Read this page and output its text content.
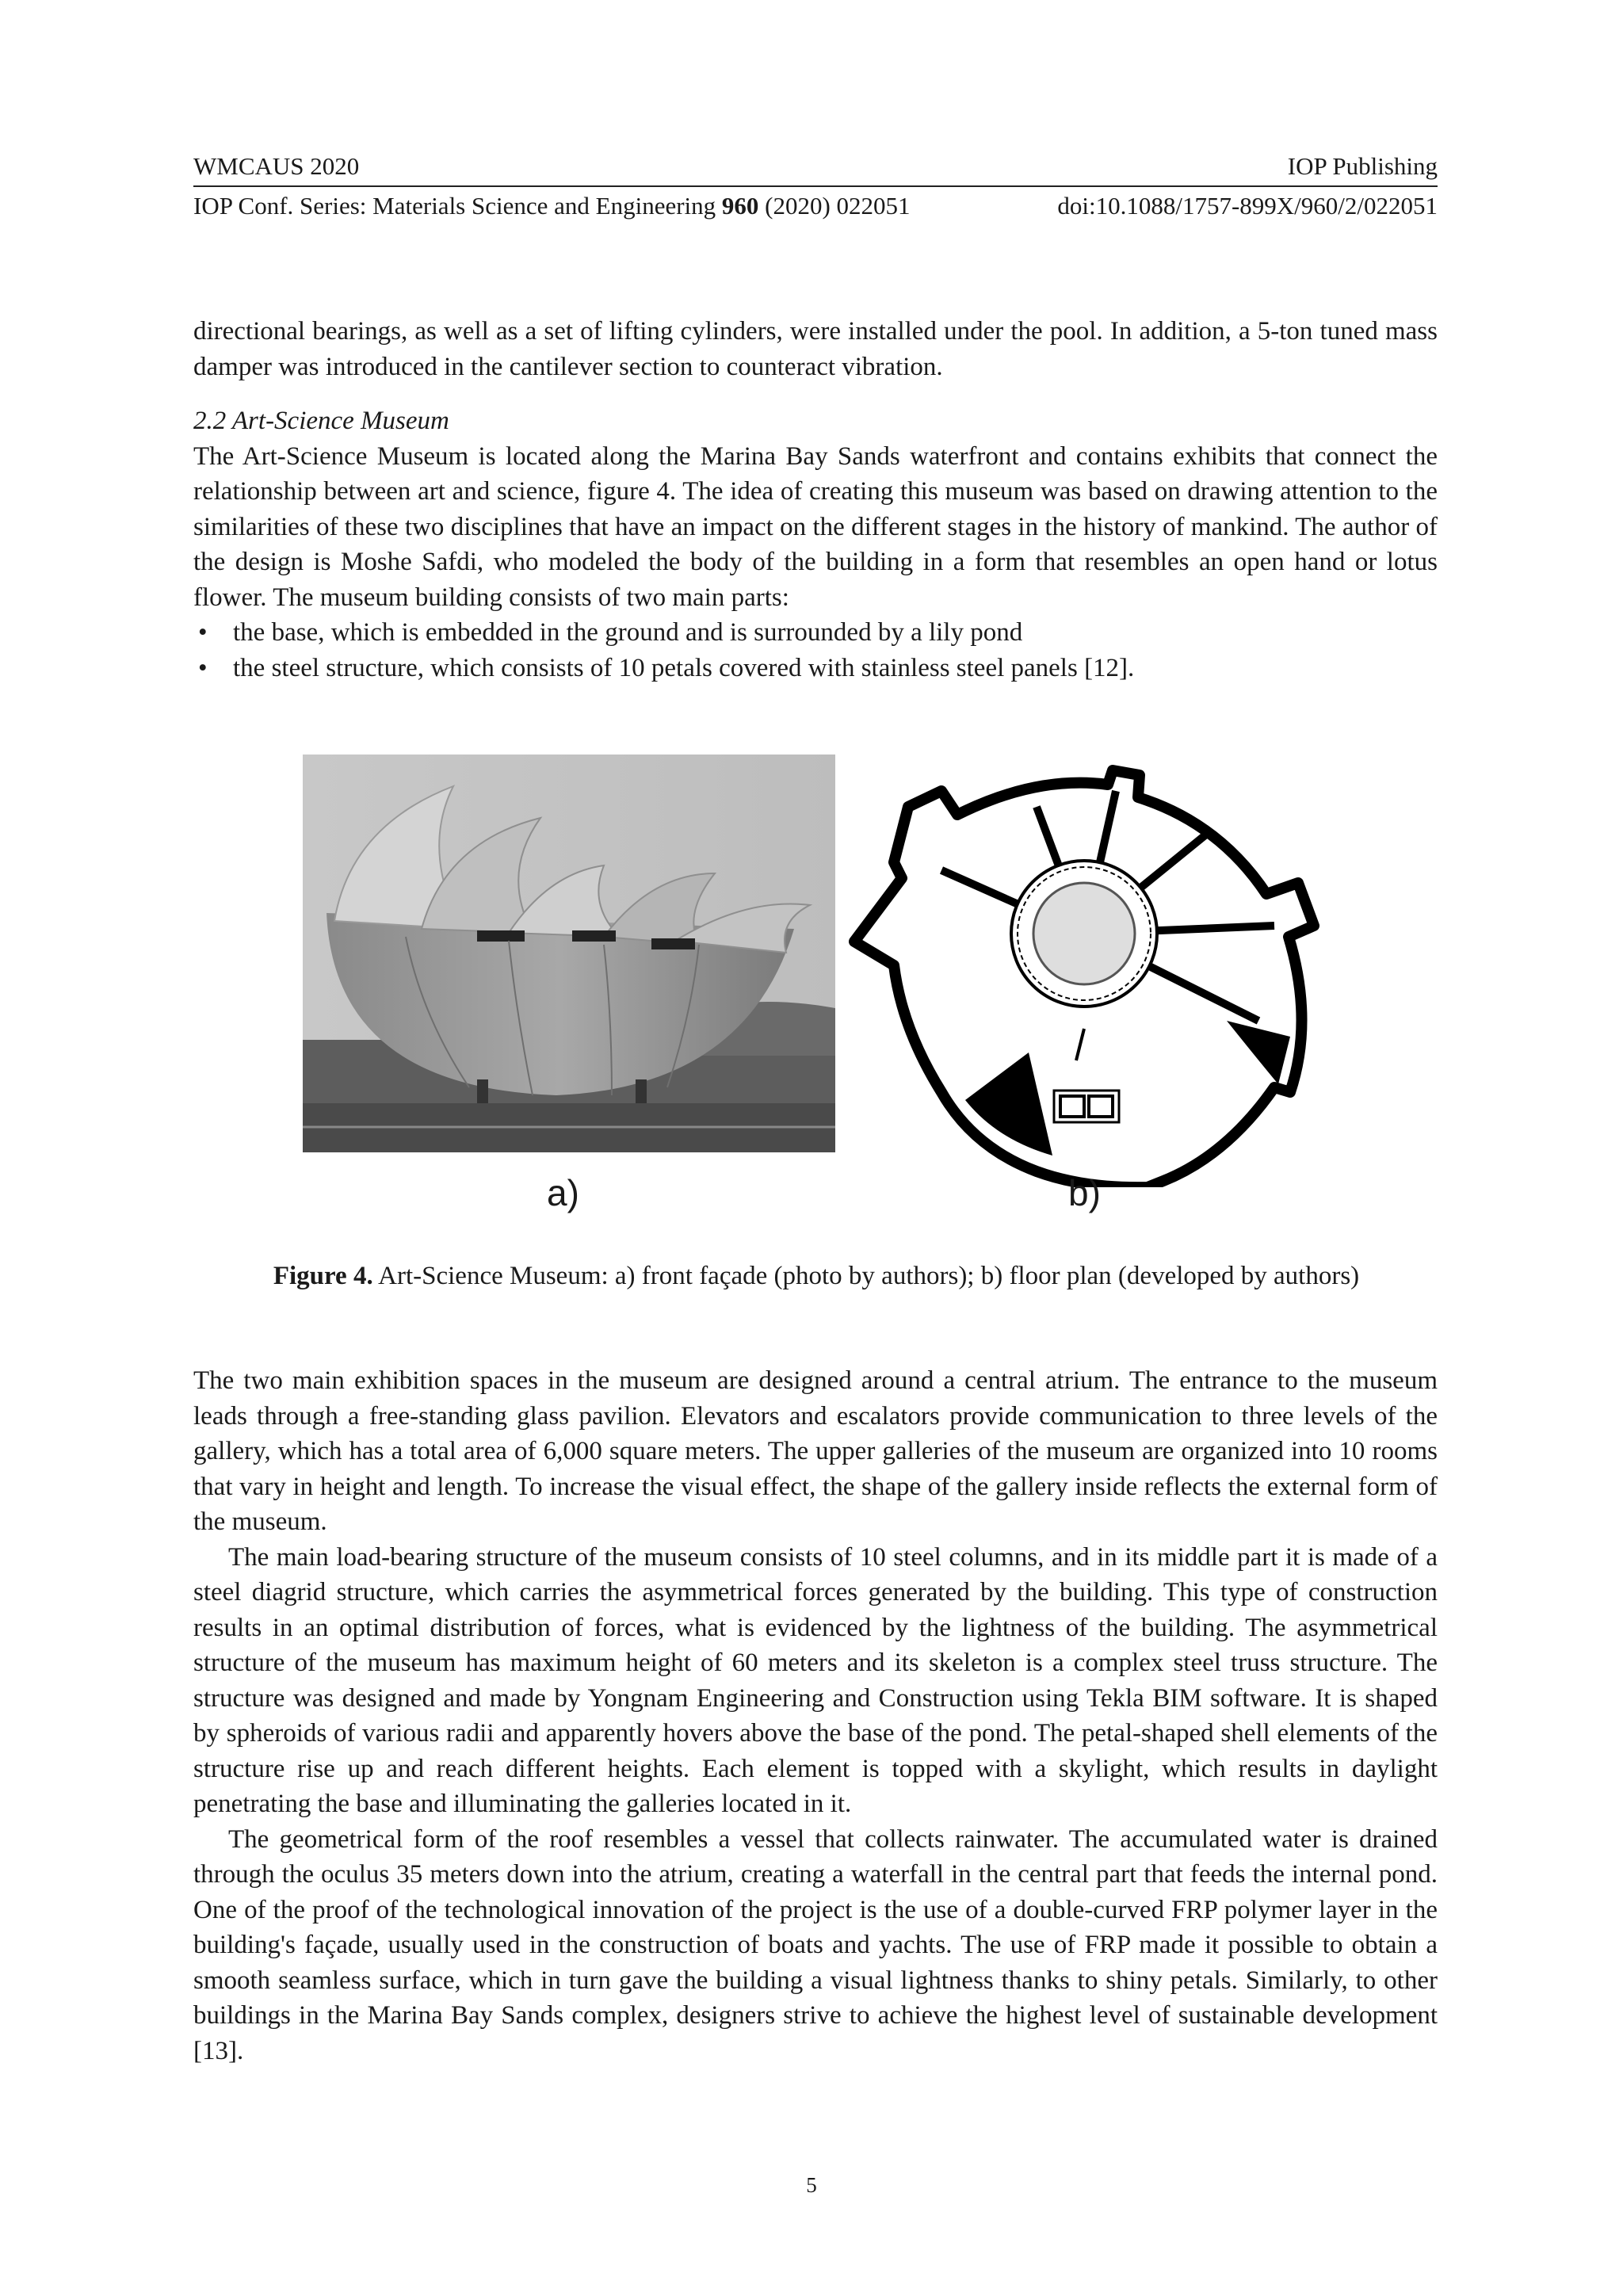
WMCAUS 2020	IOP Publishing
IOP Conf. Series: Materials Science and Engineering 960 (2020) 022051	doi:10.1088/1757-899X/960/2/022051

directional bearings, as well as a set of lifting cylinders, were installed under the pool. In addition, a 5-ton tuned mass damper was introduced in the cantilever section to counteract vibration.

2.2 Art-Science Museum

The Art-Science Museum is located along the Marina Bay Sands waterfront and contains exhibits that connect the relationship between art and science, figure 4. The idea of creating this museum was based on drawing attention to the similarities of these two disciplines that have an impact on the different stages in the history of mankind. The author of the design is Moshe Safdi, who modeled the body of the building in a form that resembles an open hand or lotus flower. The museum building consists of two main parts:

• the base, which is embedded in the ground and is surrounded by a lily pond
• the steel structure, which consists of 10 petals covered with stainless steel panels [12].
a)	b)
Figure 4. Art-Science Museum: a) front façade (photo by authors); b) floor plan (developed by authors)

The two main exhibition spaces in the museum are designed around a central atrium. The entrance to the museum leads through a free-standing glass pavilion. Elevators and escalators provide communication to three levels of the gallery, which has a total area of 6,000 square meters. The upper galleries of the museum are organized into 10 rooms that vary in height and length. To increase the visual effect, the shape of the gallery inside reflects the external form of the museum.

The main load-bearing structure of the museum consists of 10 steel columns, and in its middle part it is made of a steel diagrid structure, which carries the asymmetrical forces generated by the building. This type of construction results in an optimal distribution of forces, what is evidenced by the lightness of the building. The asymmetrical structure of the museum has maximum height of 60 meters and its skeleton is a complex steel truss structure. The structure was designed and made by Yongnam Engineering and Construction using Tekla BIM software. It is shaped by spheroids of various radii and apparently hovers above the base of the pond. The petal-shaped shell elements of the structure rise up and reach different heights. Each element is topped with a skylight, which results in daylight penetrating the base and illuminating the galleries located in it.

The geometrical form of the roof resembles a vessel that collects rainwater. The accumulated water is drained through the oculus 35 meters down into the atrium, creating a waterfall in the central part that feeds the internal pond. One of the proof of the technological innovation of the project is the use of a double-curved FRP polymer layer in the building's façade, usually used in the construction of boats and yachts. The use of FRP made it possible to obtain a smooth seamless surface, which in turn gave the building a visual lightness thanks to shiny petals. Similarly, to other buildings in the Marina Bay Sands complex, designers strive to achieve the highest level of sustainable development [13].

5
